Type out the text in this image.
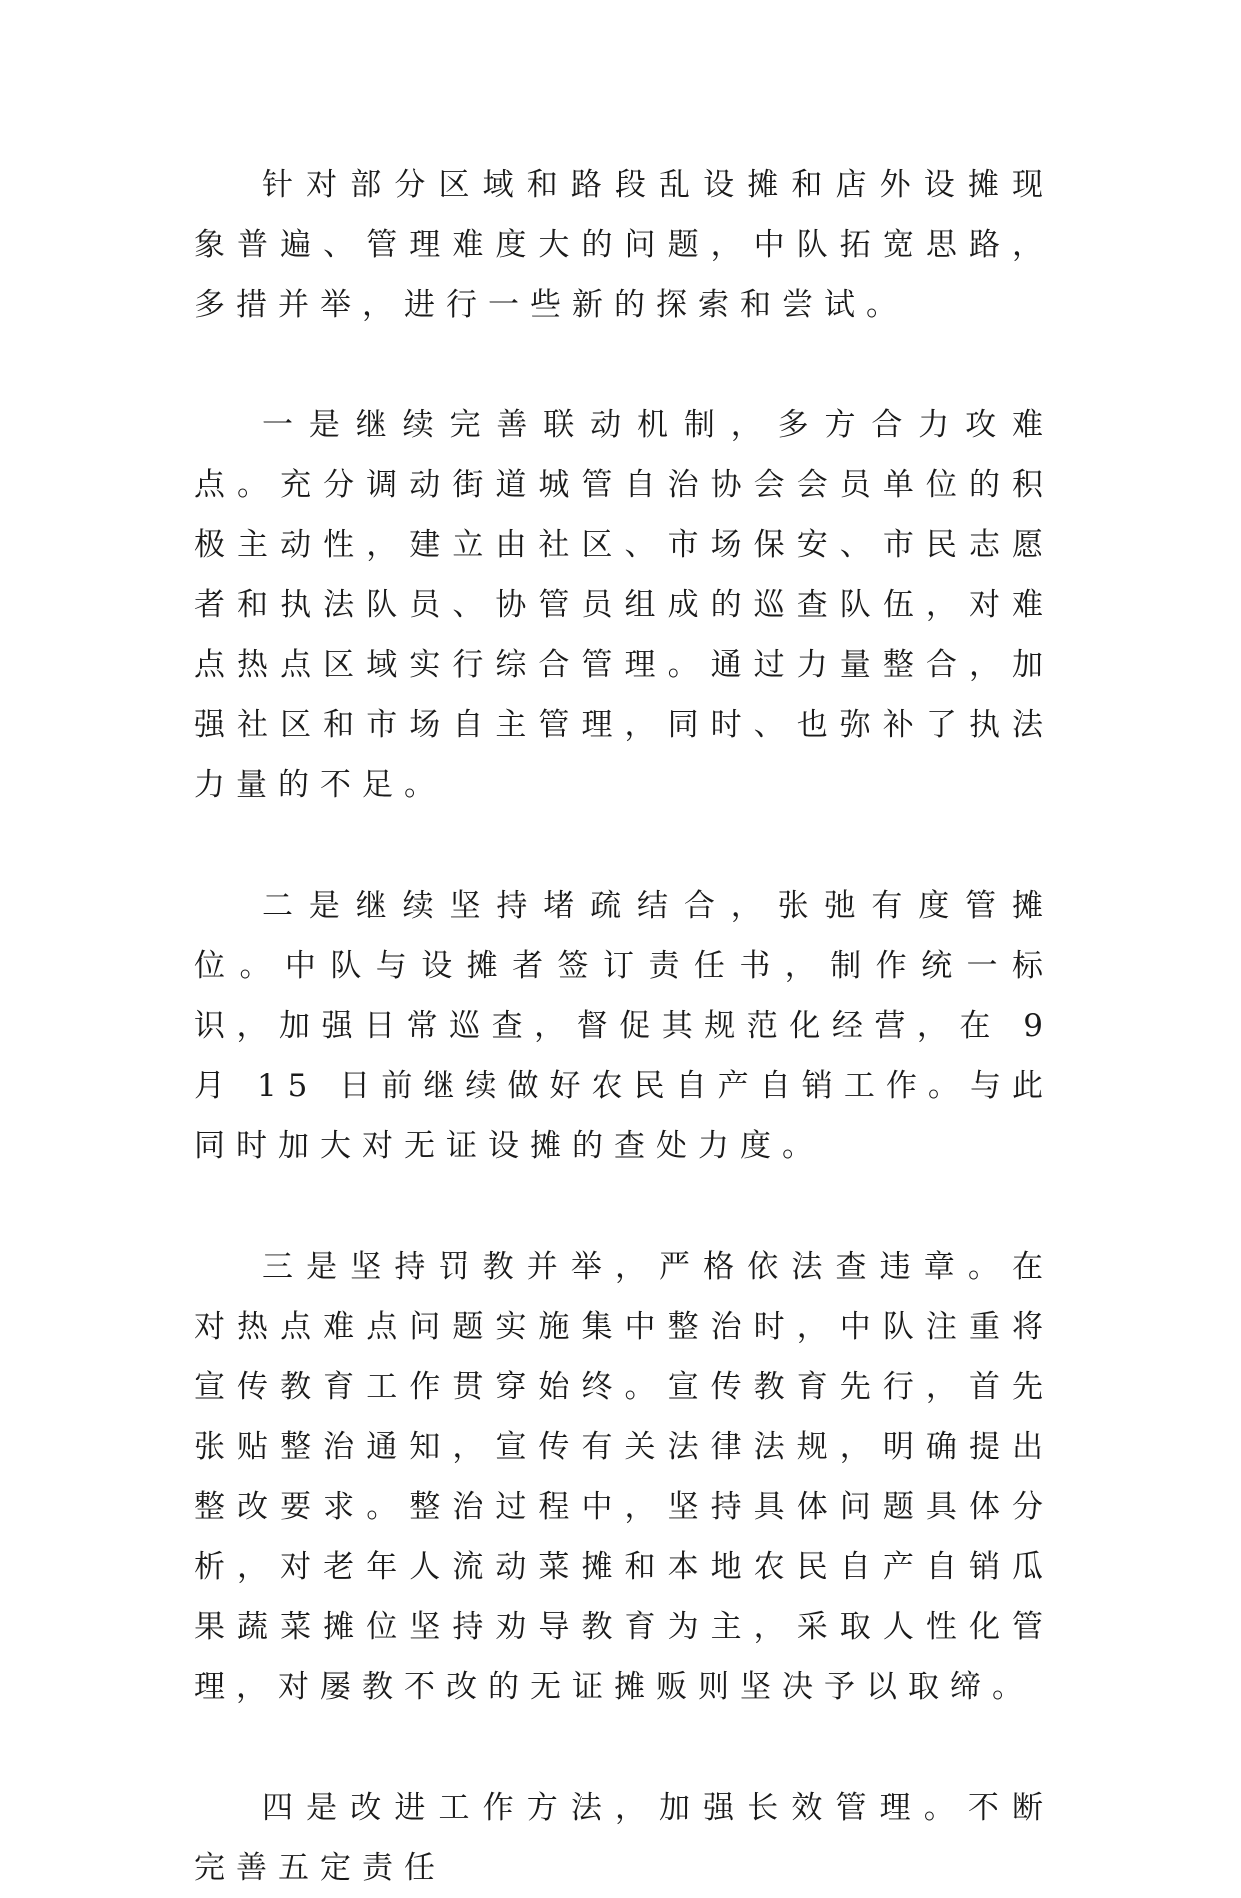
针对部分区域和路段乱设摊和店外设摊现象普遍、管理难度大的问题，中队拓宽思路，多措并举，进行一些新的探索和尝试。

一是继续完善联动机制，多方合力攻难点。充分调动街道城管自治协会会员单位的积极主动性，建立由社区、市场保安、市民志愿者和执法队员、协管员组成的巡查队伍，对难点热点区域实行综合管理。通过力量整合，加强社区和市场自主管理，同时、也弥补了执法力量的不足。

二是继续坚持堵疏结合，张弛有度管摊位。中队与设摊者签订责任书，制作统一标识，加强日常巡查，督促其规范化经营，在 9 月 15 日前继续做好农民自产自销工作。与此同时加大对无证设摊的查处力度。

三是坚持罚教并举，严格依法查违章。在对热点难点问题实施集中整治时，中队注重将宣传教育工作贯穿始终。宣传教育先行，首先张贴整治通知，宣传有关法律法规，明确提出整改要求。整治过程中，坚持具体问题具体分析，对老年人流动菜摊和本地农民自产自销瓜果蔬菜摊位坚持劝导教育为主，采取人性化管理，对屡教不改的无证摊贩则坚决予以取缔。

四是改进工作方法，加强长效管理。不断完善五定责任
